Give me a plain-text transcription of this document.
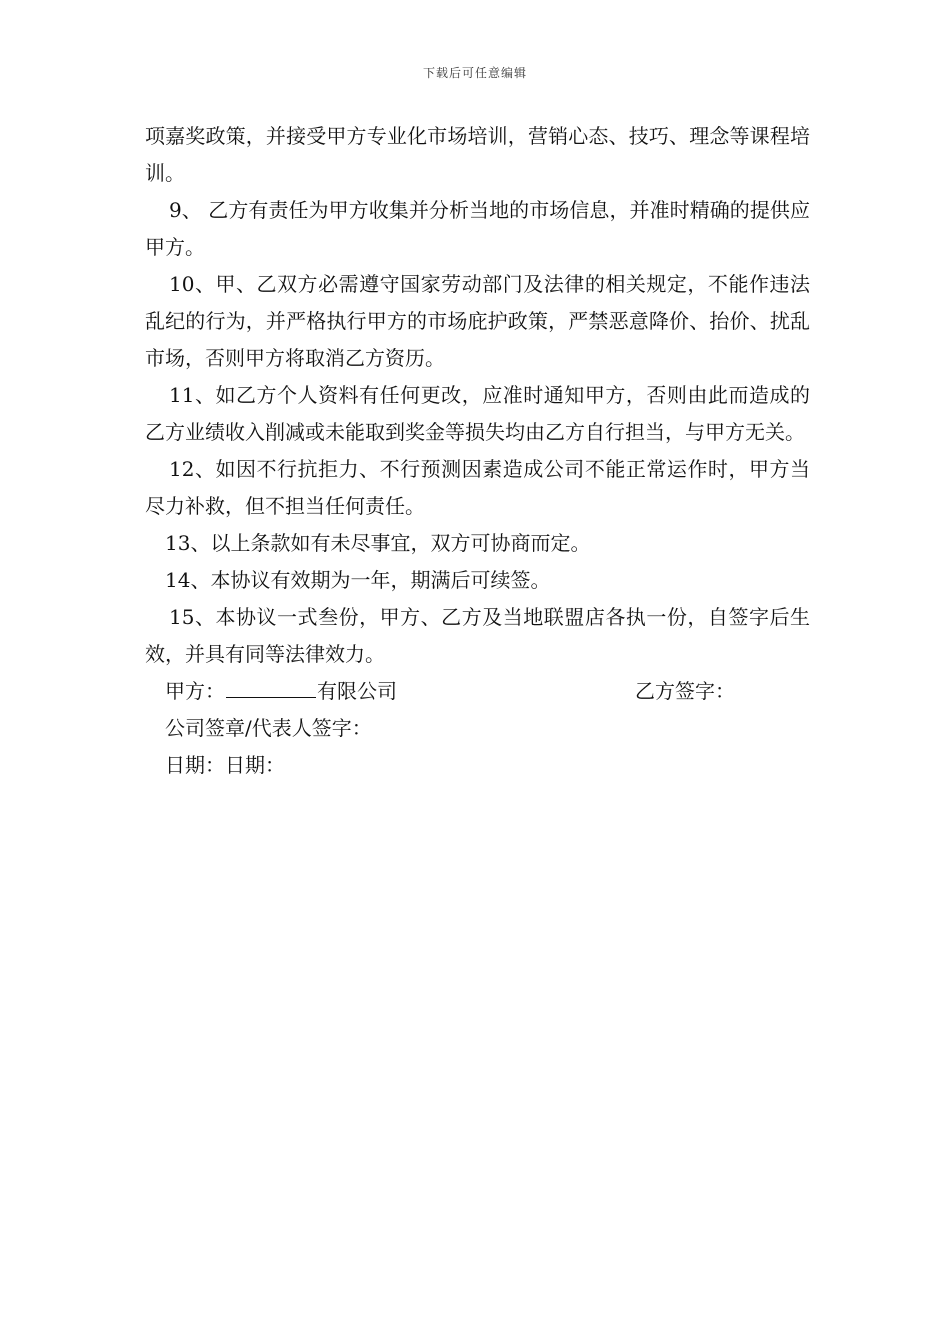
下载后可任意编辑

项嘉奖政策，并接受甲方专业化市场培训，营销心态、技巧、理念等课程培训。

9、 乙方有责任为甲方收集并分析当地的市场信息，并准时精确的提供应甲方。

10、甲、乙双方必需遵守国家劳动部门及法律的相关规定，不能作违法乱纪的行为，并严格执行甲方的市场庇护政策，严禁恶意降价、抬价、扰乱市场，否则甲方将取消乙方资历。

11、如乙方个人资料有任何更改，应准时通知甲方，否则由此而造成的乙方业绩收入削减或未能取到奖金等损失均由乙方自行担当，与甲方无关。

12、如因不行抗拒力、不行预测因素造成公司不能正常运作时，甲方当尽力补救，但不担当任何责任。

13、以上条款如有未尽事宜，双方可协商而定。

14、本协议有效期为一年，期满后可续签。

15、本协议一式叁份，甲方、乙方及当地联盟店各执一份，自签字后生效，并具有同等法律效力。

甲方：	有限公司	乙方签字：
公司签章/代表人签字：
日期：日期：
